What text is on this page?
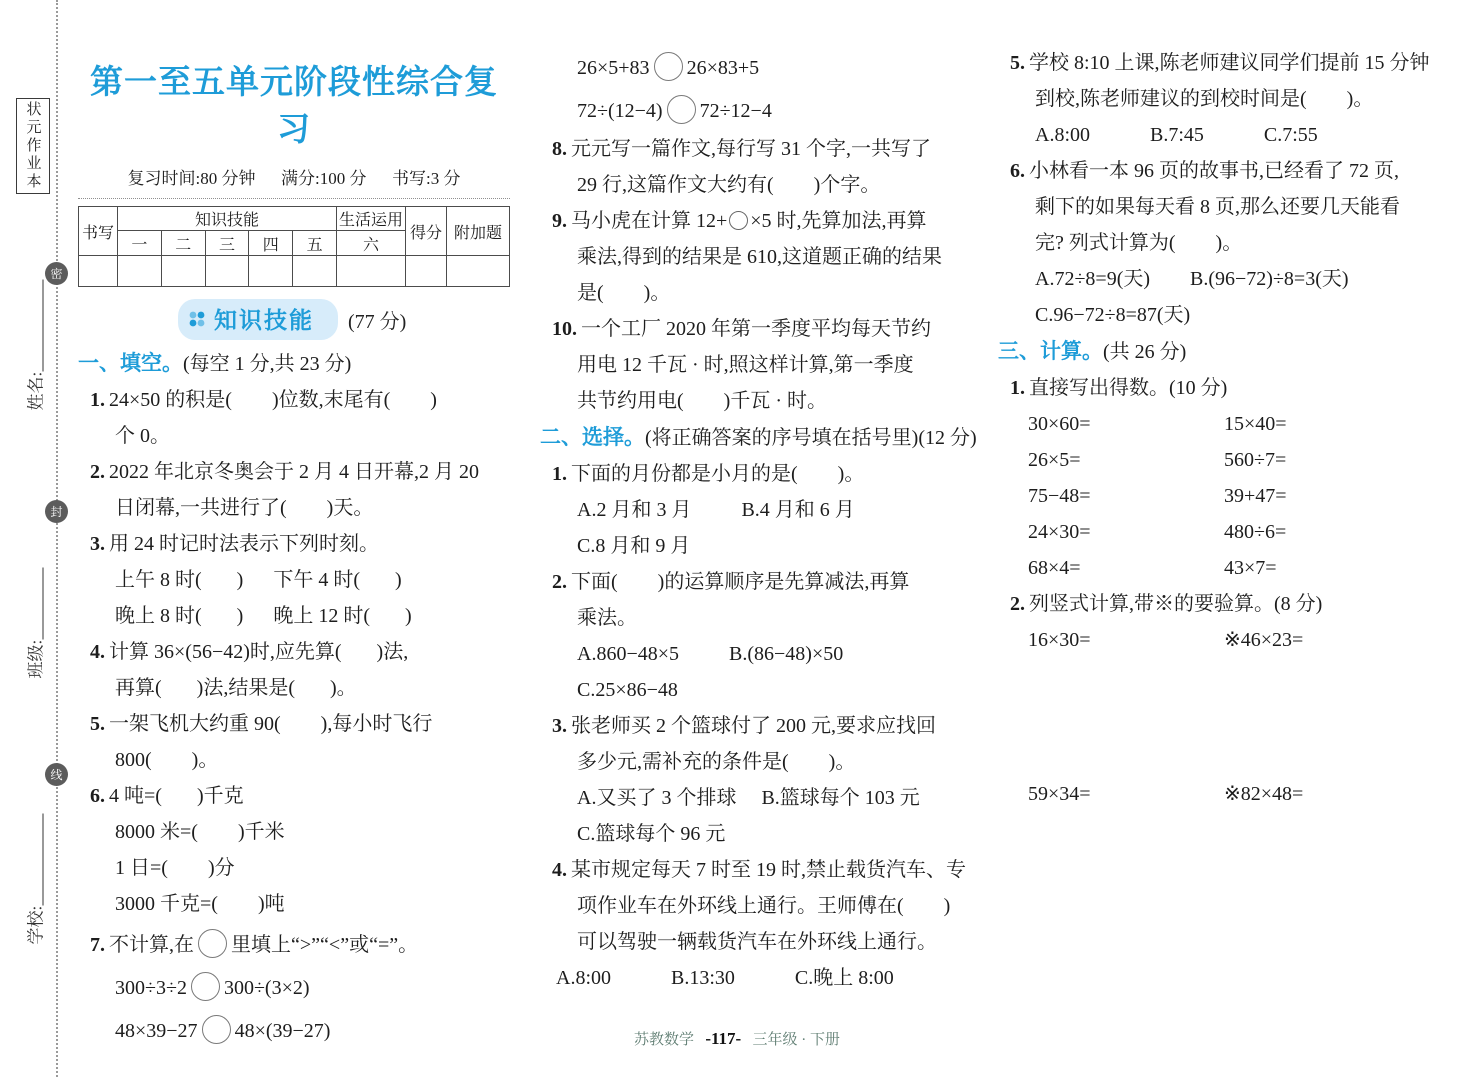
状元作业本
姓名:
班级:
学校:
密
封
线
第一至五单元阶段性综合复习
复习时间:80 分钟      满分:100 分      书写:3 分
书写	知识技能					生活运用	得分	附加题
	一	二	三	四	五	六		

知识技能 (77 分)
一、填空。(每空 1 分,共 23 分)
1. 24×50 的积是(        )位数,末尾有(        )
个 0。
2. 2022 年北京冬奥会于 2 月 4 日开幕,2 月 20
日闭幕,一共进行了(        )天。
3. 用 24 时记时法表示下列时刻。
上午 8 时(       )      下午 4 时(       )
晚上 8 时(       )      晚上 12 时(       )
4. 计算 36×(56−42)时,应先算(       )法,
再算(       )法,结果是(       )。
5. 一架飞机大约重 90(        ),每小时飞行
800(        )。
6. 4 吨=(       )千克
8000 米=(        )千米
1 日=(        )分
3000 千克=(        )吨
7. 不计算,在 里填上“>”“<”或“=”。
300÷3÷2 300÷(3×2)
48×39−27 48×(39−27)
26×5+83 26×83+5
72÷(12−4) 72÷12−4
8. 元元写一篇作文,每行写 31 个字,一共写了
29 行,这篇作文大约有(        )个字。
9. 马小虎在计算 12+ ×5 时,先算加法,再算
乘法,得到的结果是 610,这道题正确的结果
是(        )。
10. 一个工厂 2020 年第一季度平均每天节约
用电 12 千瓦 · 时,照这样计算,第一季度
共节约用电(        )千瓦 · 时。
二、选择。(将正确答案的序号填在括号里)(12 分)
1. 下面的月份都是小月的是(        )。
A.2 月和 3 月          B.4 月和 6 月
C.8 月和 9 月
2. 下面(        )的运算顺序是先算减法,再算
乘法。
A.860−48×5          B.(86−48)×50
C.25×86−48
3. 张老师买 2 个篮球付了 200 元,要求应找回
多少元,需补充的条件是(        )。
A.又买了 3 个排球     B.篮球每个 103 元
C.篮球每个 96 元
4. 某市规定每天 7 时至 19 时,禁止载货汽车、专
项作业车在外环线上通行。王师傅在(        )
可以驾驶一辆载货汽车在外环线上通行。
A.8:00            B.13:30            C.晚上 8:00
5. 学校 8:10 上课,陈老师建议同学们提前 15 分钟
到校,陈老师建议的到校时间是(        )。
A.8:00            B.7:45            C.7:55
6. 小林看一本 96 页的故事书,已经看了 72 页,
剩下的如果每天看 8 页,那么还要几天能看
完? 列式计算为(        )。
A.72÷8=9(天)        B.(96−72)÷8=3(天)
C.96−72÷8=87(天)
三、计算。(共 26 分)
1. 直接写出得数。(10 分)
30×60=	15×40=
26×5=	560÷7=
75−48=	39+47=
24×30=	480÷6=
68×4=	43×7=
2. 列竖式计算,带※的要验算。(8 分)
16×30=	※46×23=
59×34=	※82×48=
苏教数学 -117- 三年级 · 下册
